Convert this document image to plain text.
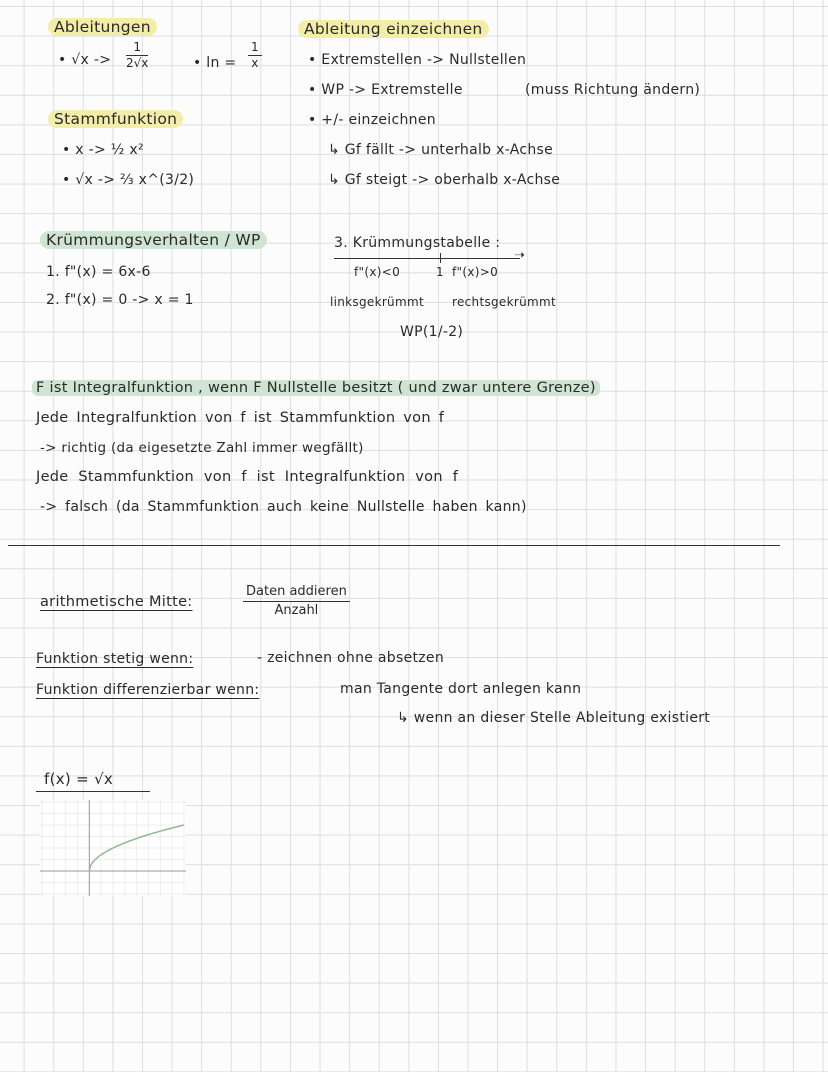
Ableitungen
• $√x -> \frac{1}{2√x}$	• $\ln = \frac{1}{x}$
Stammfunktion
• x -> ½ x²
• √x -> ⅔ x^(3/2)
Ableitung einzeichnen
• Extremstellen -> Nullstellen
• WP -> Extremstelle	(muss Richtung ändern)
• +/- einzeichnen
↳ Gf fällt -> unterhalb x-Achse
↳ Gf steigt -> oberhalb x-Achse
Krümmungsverhalten / WP
1. f"(x) = 6x-6
2. f"(x) = 0 -> x = 1
3. Krümmungstabelle :
➝
f"(x)<0	1 f"(x)>0
linksgekrümmt rechtsgekrümmt
WP(1/-2)
F ist Integralfunktion , wenn F Nullstelle besitzt ( und zwar untere Grenze)
Jede Integralfunktion von f ist Stammfunktion von f
-> richtig (da eigesetzte Zahl immer wegfällt)
Jede Stammfunktion von f ist Integralfunktion von f
-> falsch (da Stammfunktion auch keine Nullstelle haben kann)
arithmetische Mitte:
Daten addieren
Anzahl
Funktion stetig wenn:	- zeichnen ohne absetzen
Funktion differenzierbar wenn:	man Tangente dort anlegen kann
↳ wenn an dieser Stelle Ableitung existiert
f(x) = √x
